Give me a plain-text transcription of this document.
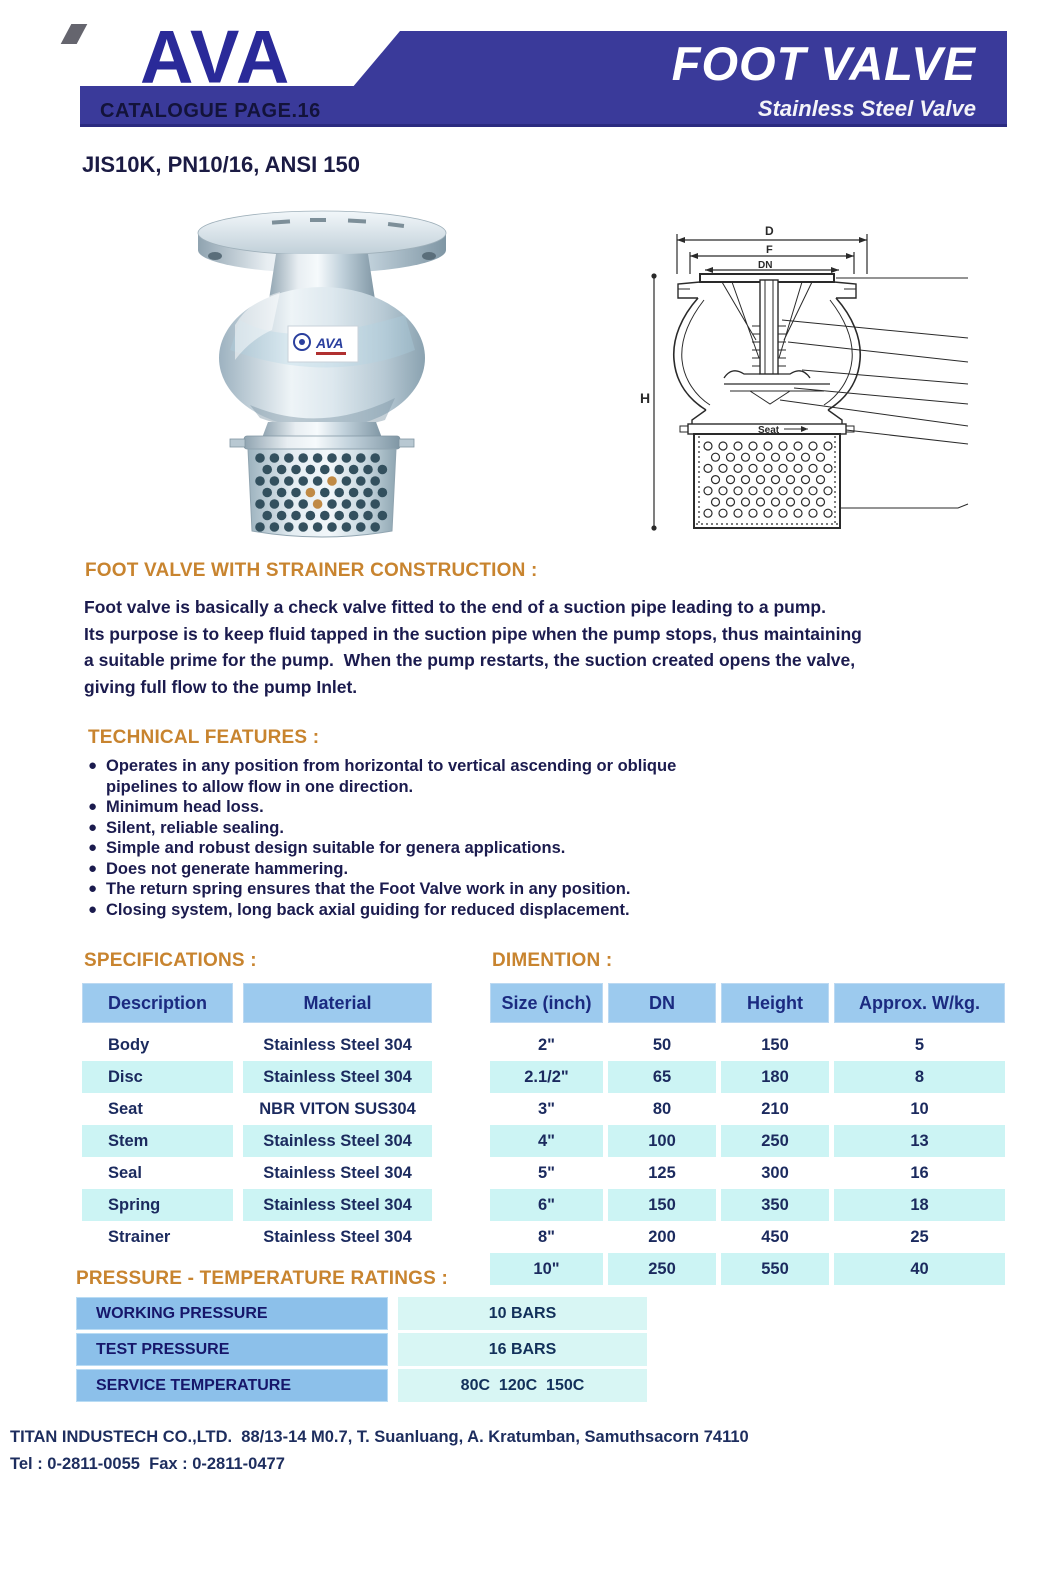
AVA
CATALOGUE PAGE.16
FOOT VALVE
Stainless Steel Valve
JIS10K, PN10/16, ANSI 150
AVA
D
F
DN
H
Seat
FOOT VALVE WITH STRAINER CONSTRUCTION :
Foot valve is basically a check valve fitted to the end of a suction pipe leading to a pump.
Its purpose is to keep fluid tapped in the suction pipe when the pump stops, thus maintaining
a suitable prime for the pump.  When the pump restarts, the suction created opens the valve,
giving full flow to the pump Inlet.
TECHNICAL FEATURES :
● Operates in any position from horizontal to vertical ascending or oblique pipelines to allow flow in one direction.
● Minimum head loss.
● Silent, reliable sealing.
● Simple and robust design suitable for genera applications.
● Does not generate hammering.
● The return spring ensures that the Foot Valve work in any position.
● Closing system, long back axial guiding for reduced displacement.
SPECIFICATIONS :
Description	Material
Body	Stainless Steel 304
Disc	Stainless Steel 304
Seat	NBR VITON SUS304
Stem	Stainless Steel 304
Seal	Stainless Steel 304
Spring	Stainless Steel 304
Strainer	Stainless Steel 304
DIMENTION :
Size (inch)	DN	Height	Approx. W/kg.
2"	50	150	5
2.1/2"	65	180	8
3"	80	210	10
4"	100	250	13
5"	125	300	16
6"	150	350	18
8"	200	450	25
10"	250	550	40
PRESSURE - TEMPERATURE RATINGS :
WORKING PRESSURE	10 BARS
TEST PRESSURE	16 BARS
SERVICE TEMPERATURE	80C  120C  150C
TITAN INDUSTECH CO.,LTD.  88/13-14 M0.7, T. Suanluang, A. Kratumban, Samuthsacorn 74110
Tel : 0-2811-0055  Fax : 0-2811-0477
